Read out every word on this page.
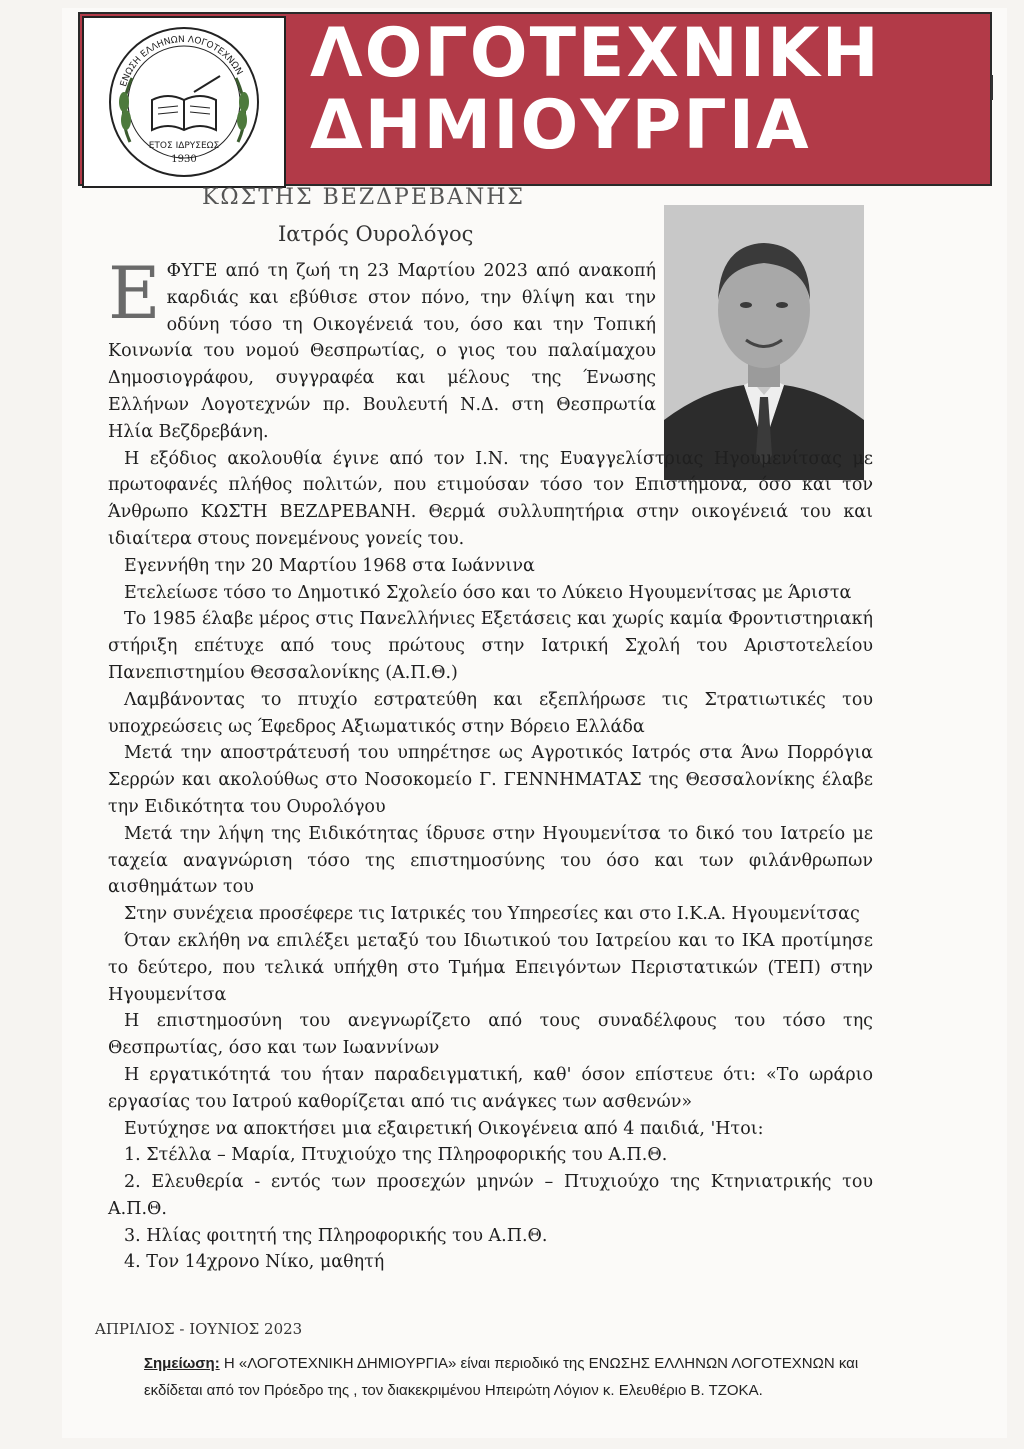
ΕΝΩΣΗ ΕΛΛΗΝΩΝ ΛΟΓΟΤΕΧΝΩΝ
ΕΤΟΣ ΙΔΡΥΣΕΩΣ
1930
ΛΟΓΟΤΕΧΝΙΚΗ
ΔΗΜΙΟΥΡΓΙΑ
ΚΩΣΤΗΣ ΒΕΖΔΡΕΒΑΝΗΣ
Ιατρός Ουρολόγος

ΕΦΥΓΕ από τη ζωή τη 23 Μαρτίου 2023 από ανακοπή καρδιάς και εβύθισε στον πόνο, την θλίψη και την οδύνη τόσο τη Οικογένειά του, όσο και την Τοπική Κοινωνία του νομού Θεσπρωτίας, ο γιος του παλαίμαχου Δημοσιογράφου, συγγραφέα και μέλους της Ένωσης Ελλήνων Λογοτεχνών πρ. Βουλευτή Ν.Δ. στη Θεσπρωτία Ηλία Βεζδρεβάνη.

Η εξόδιος ακολουθία έγινε από τον Ι.Ν. της Ευαγγελίστριας Ηγουμενίτσας με πρωτοφανές πλήθος πολιτών, που ετιμούσαν τόσο τον Επιστήμονα, όσο και τον Άνθρωπο ΚΩΣΤΗ ΒΕΖΔΡΕΒΑΝΗ. Θερμά συλλυπητήρια στην οικογένειά του και ιδιαίτερα στους πονεμένους γονείς του.

Εγεννήθη την 20 Μαρτίου 1968 στα Ιωάννινα

Ετελείωσε τόσο το Δημοτικό Σχολείο όσο και το Λύκειο Ηγουμενίτσας με Άριστα

Το 1985 έλαβε μέρος στις Πανελλήνιες Εξετάσεις και χωρίς καμία Φροντιστηριακή στήριξη επέτυχε από τους πρώτους στην Ιατρική Σχολή του Αριστοτελείου Πανεπιστημίου Θεσσαλονίκης (Α.Π.Θ.)

Λαμβάνοντας το πτυχίο εστρατεύθη και εξεπλήρωσε τις Στρατιωτικές του υποχρεώσεις ως Έφεδρος Αξιωματικός στην Βόρειο Ελλάδα

Μετά την αποστράτευσή του υπηρέτησε ως Αγροτικός Ιατρός στα Άνω Πορρόγια Σερρών και ακολούθως στο Νοσοκομείο Γ. ΓΕΝΝΗΜΑΤΑΣ της Θεσσαλονίκης έλαβε την Ειδικότητα του Ουρολόγου

Μετά την λήψη της Ειδικότητας ίδρυσε στην Ηγουμενίτσα το δικό του Ιατρείο με ταχεία αναγνώριση τόσο της επιστημοσύνης του όσο και των φιλάνθρωπων αισθημάτων του

Στην συνέχεια προσέφερε τις Ιατρικές του Υπηρεσίες και στο Ι.Κ.Α. Ηγουμενίτσας

Όταν εκλήθη να επιλέξει μεταξύ του Ιδιωτικού του Ιατρείου και το ΙΚΑ προτίμησε το δεύτερο, που τελικά υπήχθη στο Τμήμα Επειγόντων Περιστατικών (ΤΕΠ) στην Ηγουμενίτσα

Η επιστημοσύνη του ανεγνωρίζετο από τους συναδέλφους του τόσο της Θεσπρωτίας, όσο και των Ιωαννίνων

Η εργατικότητά του ήταν παραδειγματική, καθ' όσον επίστευε ότι: «Το ωράριο εργασίας του Ιατρού καθορίζεται από τις ανάγκες των ασθενών»

Ευτύχησε να αποκτήσει μια εξαιρετική Οικογένεια από 4 παιδιά, 'Ητοι:

1. Στέλλα – Μαρία, Πτυχιούχο της Πληροφορικής του Α.Π.Θ.

2. Ελευθερία - εντός των προσεχών μηνών – Πτυχιούχο της Κτηνιατρικής του Α.Π.Θ.

3. Ηλίας φοιτητή της Πληροφορικής του Α.Π.Θ.

4. Τον 14χρονο Νίκο, μαθητή

ΑΠΡΙΛΙΟΣ - ΙΟΥΝΙΟΣ 2023
Σημείωση: Η «ΛΟΓΟΤΕΧΝΙΚΗ ΔΗΜΙΟΥΡΓΙΑ» είναι περιοδικό της ΕΝΩΣΗΣ ΕΛΛΗΝΩΝ ΛΟΓΟΤΕΧΝΩΝ και εκδίδεται από τον Πρόεδρο της , τον διακεκριμένου Ηπειρώτη Λόγιον κ. Ελευθέριο Β. ΤΖΟΚΑ.
